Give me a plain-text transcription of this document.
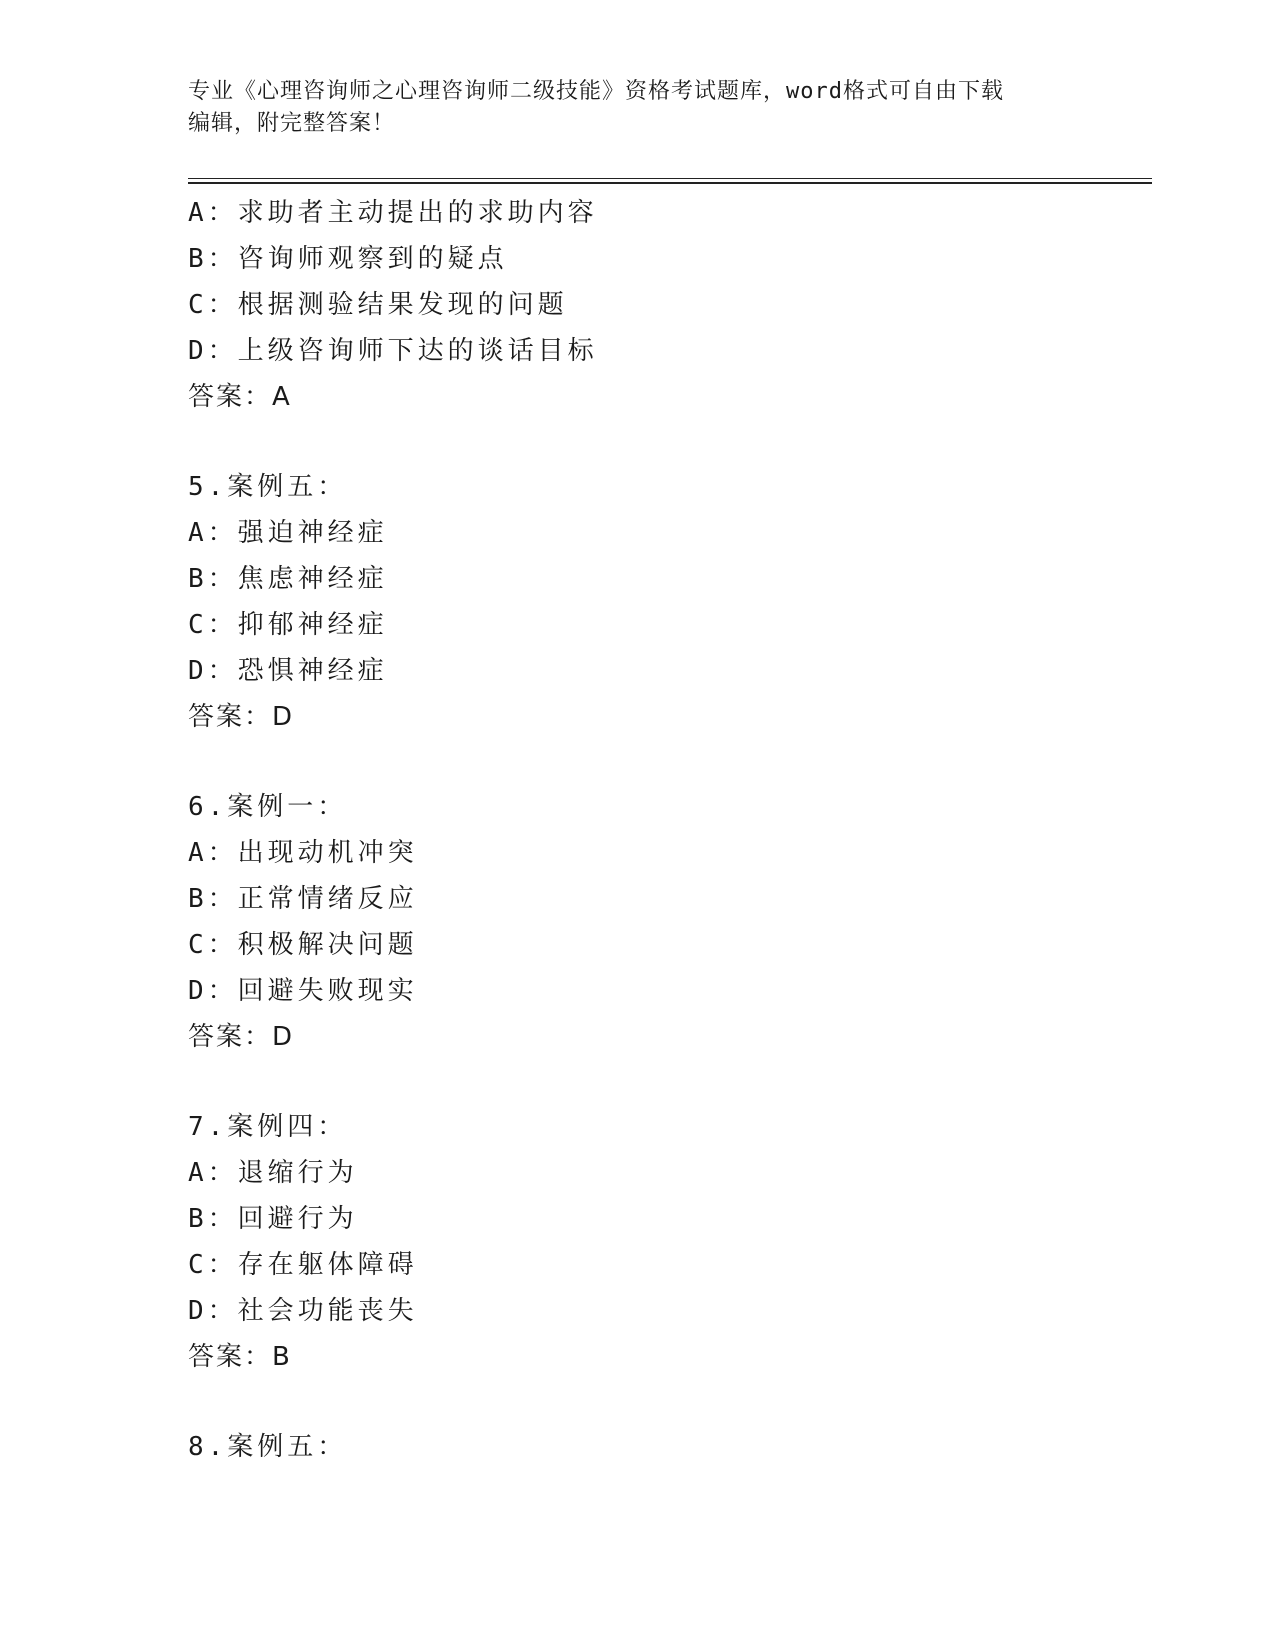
专业《心理咨询师之心理咨询师二级技能》资格考试题库，word格式可自由下载
编辑，附完整答案！
A：求助者主动提出的求助内容
B：咨询师观察到的疑点
C：根据测验结果发现的问题
D：上级咨询师下达的谈话目标
答案：A
5.案例五：
A：强迫神经症
B：焦虑神经症
C：抑郁神经症
D：恐惧神经症
答案：D
6.案例一：
A：出现动机冲突
B：正常情绪反应
C：积极解决问题
D：回避失败现实
答案：D
7.案例四：
A：退缩行为
B：回避行为
C：存在躯体障碍
D：社会功能丧失
答案：B
8.案例五：
